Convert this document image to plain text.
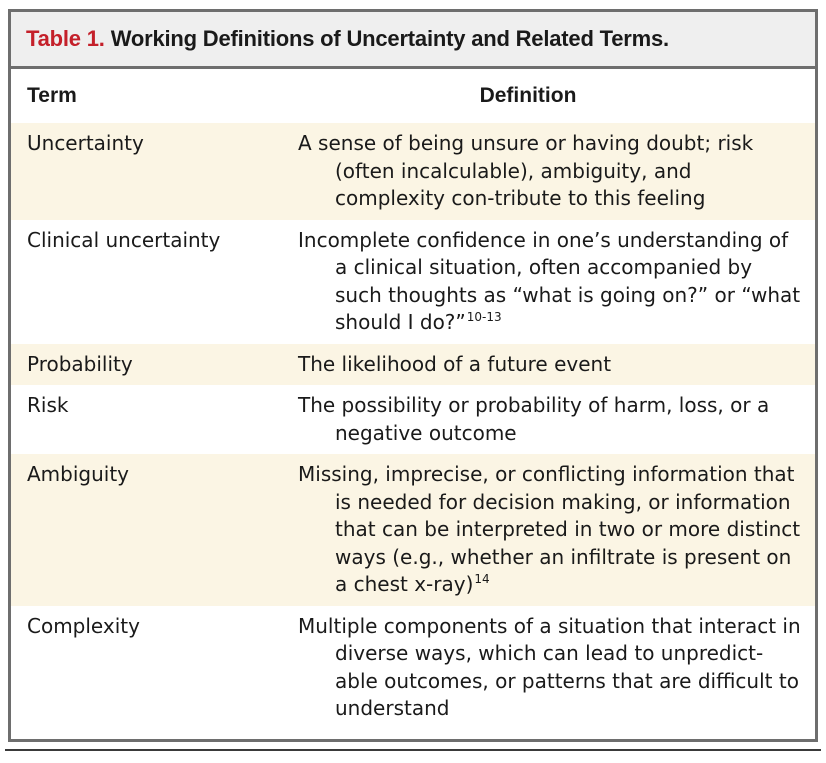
Table 1. Working Definitions of Uncertainty and Related Terms.
Term	Definition
Uncertainty	A sense of being unsure or having doubt; risk (often incalculable), ambiguity, and complexity con-tribute to this feeling
Clinical uncertainty	Incomplete confidence in one’s understanding of a clinical situation, often accompanied by such thoughts as “what is going on?” or “what should I do?”$^{10-13}$
Probability	The likelihood of a future event
Risk	The possibility or probability of harm, loss, or a negative outcome
Ambiguity	Missing, imprecise, or conflicting information that is needed for decision making, or information that can be interpreted in two or more distinct ways (e.g., whether an infiltrate is present on a chest x-ray)$^{14}$
Complexity	Multiple components of a situation that interact in diverse ways, which can lead to unpredict-able outcomes, or patterns that are difficult to understand
